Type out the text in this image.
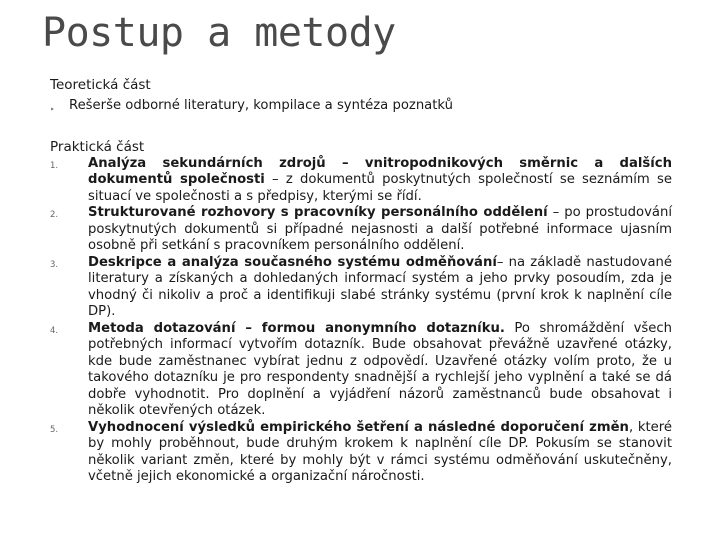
Postup a metody
Teoretická část
‣	Rešerše odborné literatury, kompilace a syntéza poznatků
Praktická část
1.	Analýza sekundárních zdrojů – vnitropodnikových směrnic a dalších dokumentů společnosti – z dokumentů poskytnutých společností se seznámím se situací ve společnosti a s předpisy, kterými se řídí.
2.	Strukturované rozhovory s pracovníky personálního oddělení – po prostudování poskytnutých dokumentů si případné nejasnosti a další potřebné informace ujasním osobně při setkání s pracovníkem personálního oddělení.
3.	Deskripce a analýza současného systému odměňování– na základě nastudované literatury a získaných a dohledaných informací systém a jeho prvky posoudím, zda je vhodný či nikoliv a proč a identifikuji slabé stránky systému (první krok k naplnění cíle DP).
4.	Metoda dotazování – formou anonymního dotazníku. Po shromáždění všech potřebných informací vytvořím dotazník. Bude obsahovat převážně uzavřené otázky, kde bude zaměstnanec vybírat jednu z odpovědí. Uzavřené otázky volím proto, že u takového dotazníku je pro respondenty snadnější a rychlejší jeho vyplnění a také se dá dobře vyhodnotit. Pro doplnění a vyjádření názorů zaměstnanců bude obsahovat i několik otevřených otázek.
5.	Vyhodnocení výsledků empirického šetření a následné doporučení změn, které by mohly proběhnout, bude druhým krokem k naplnění cíle DP. Pokusím se stanovit několik variant změn, které by mohly být v rámci systému odměňování uskutečněny, včetně jejich ekonomické a organizační náročnosti.
